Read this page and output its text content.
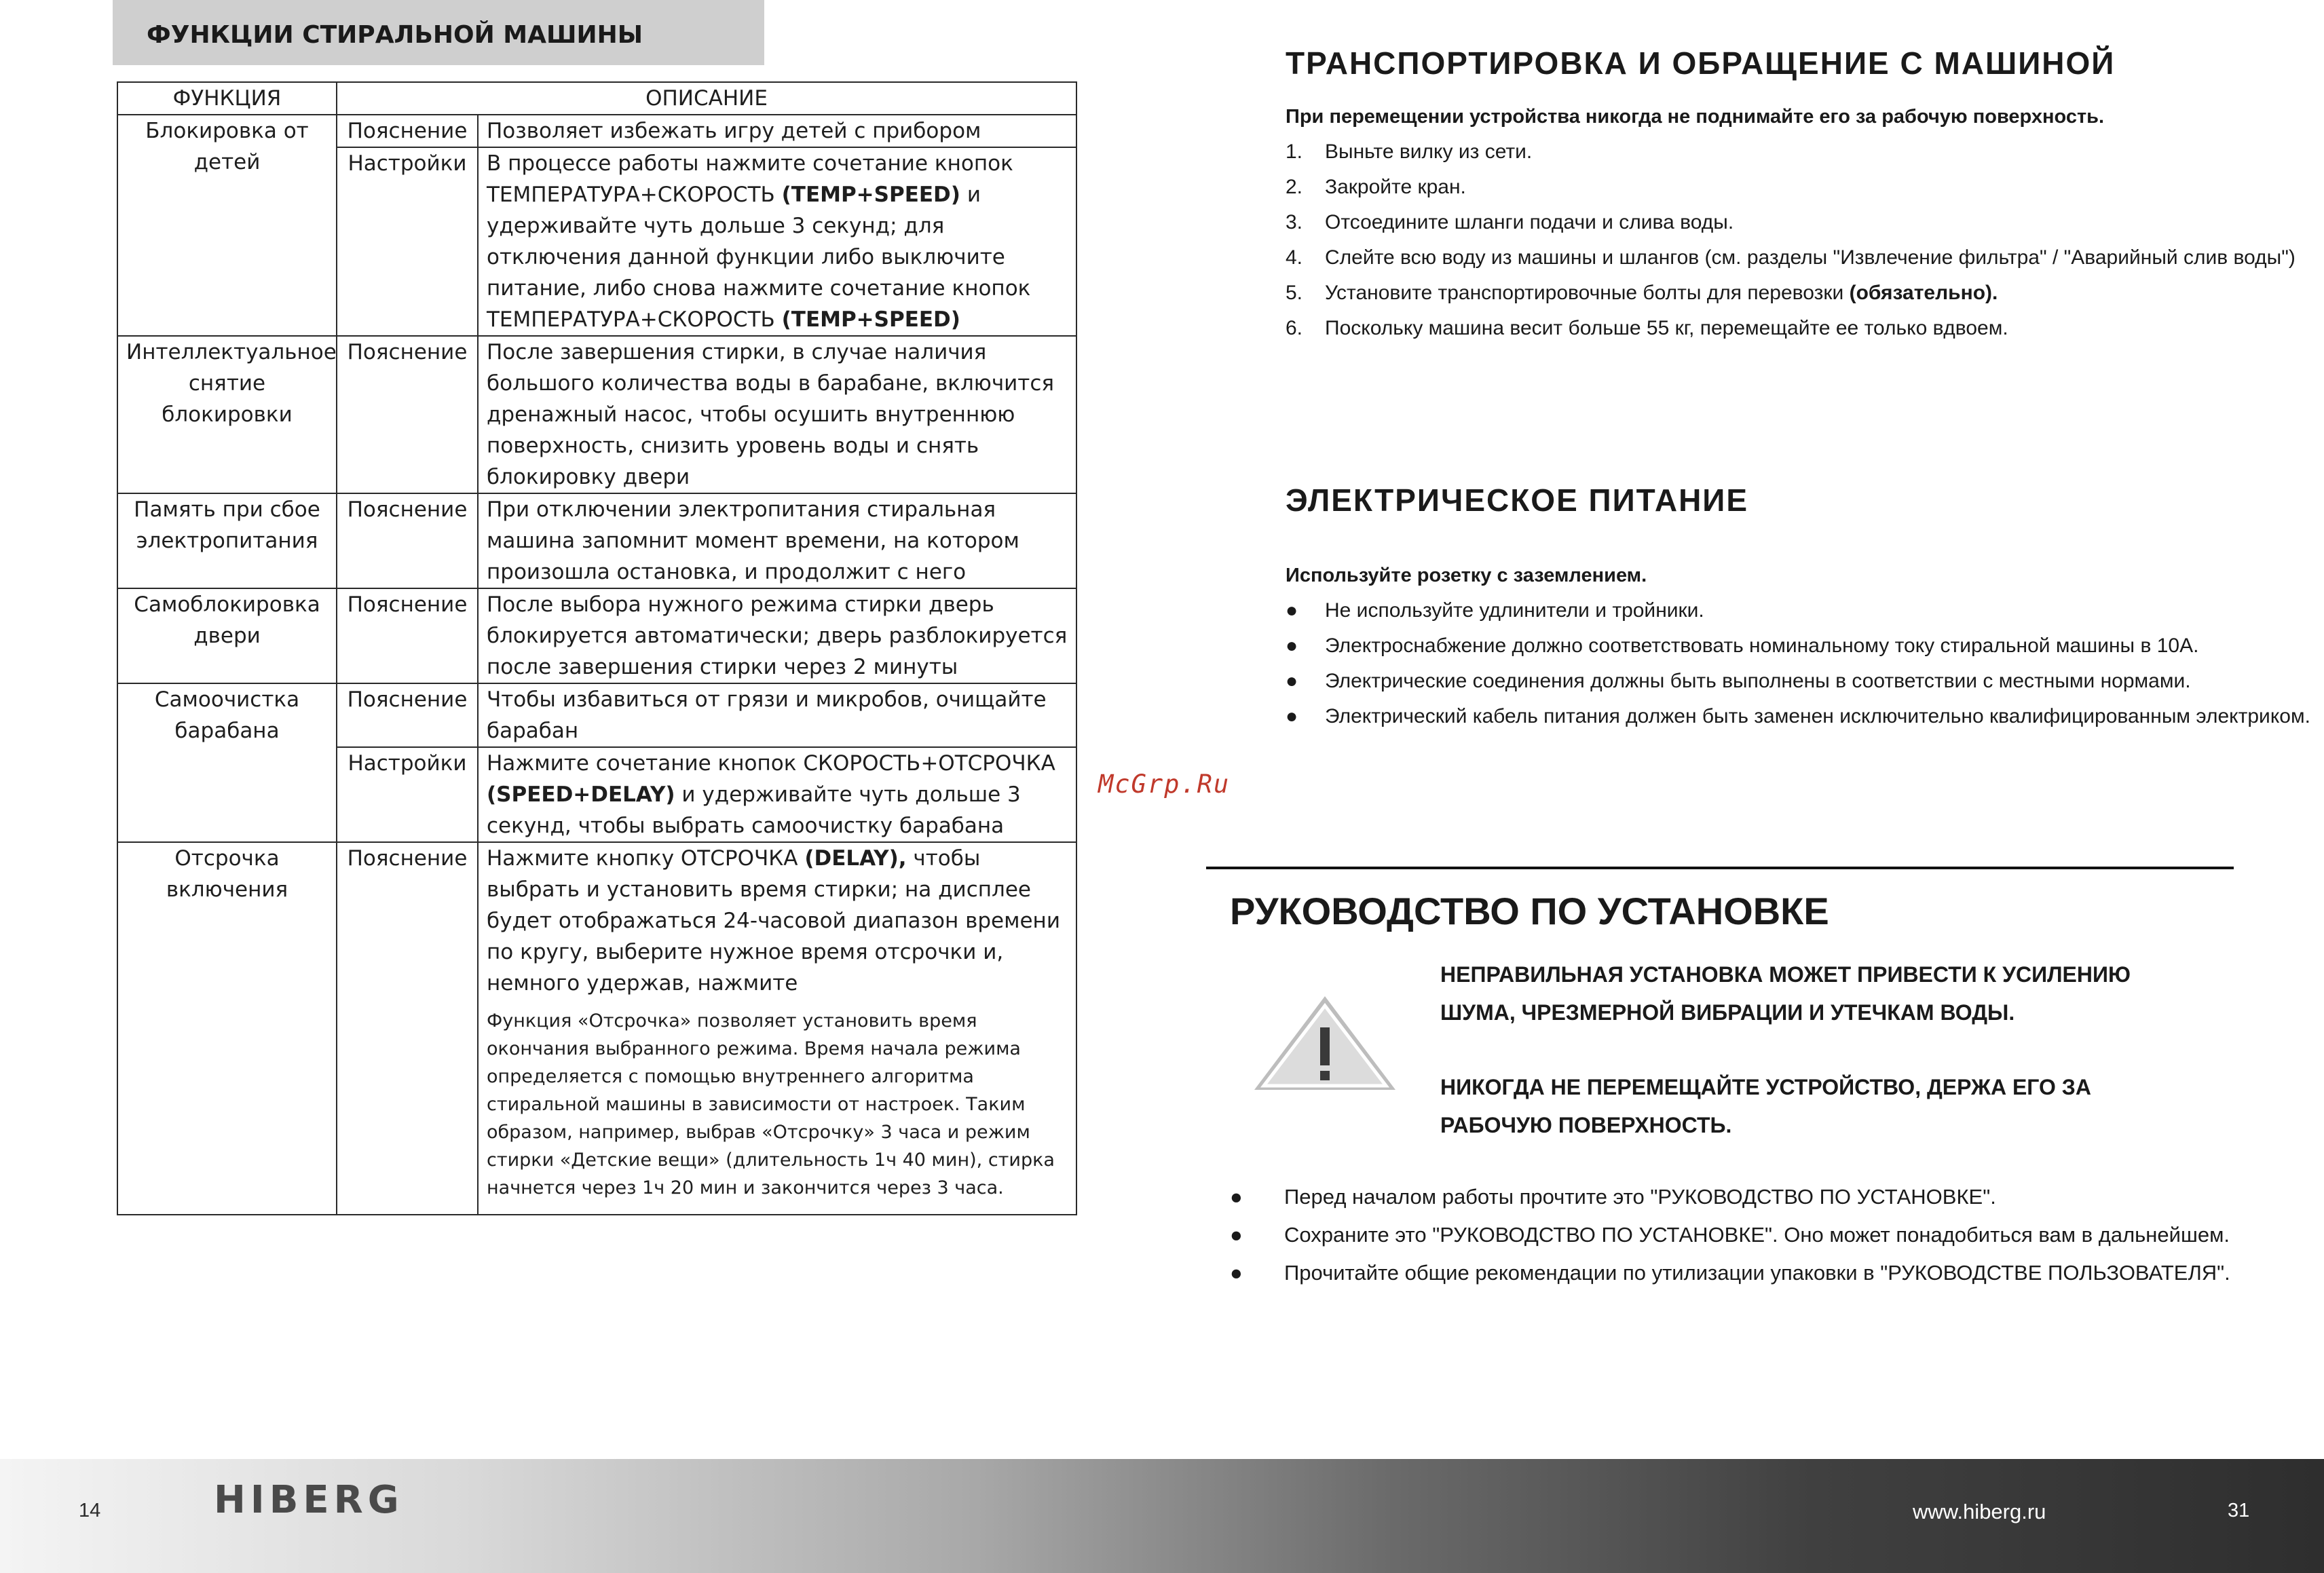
ФУНКЦИИ СТИРАЛЬНОЙ МАШИНЫ
ФУНКЦИЯ	ОПИСАНИЕ	
Блокировка от детей	Пояснение	Позволяет избежать игру детей с прибором
	Настройки	В процессе работы нажмите сочетание кнопок ТЕМПЕРАТУРА+СКОРОСТЬ (TEMP+SPEED) и удерживайте чуть дольше 3 секунд; для отключения данной функции либо выключите питание, либо снова нажмите сочетание кнопок ТЕМПЕРАТУРА+СКОРОСТЬ (TEMP+SPEED)
Интеллектуальное снятие блокировки	Пояснение	После завершения стирки, в случае наличия большого количества воды в барабане, включится дренажный насос, чтобы осушить внутреннюю поверхность, снизить уровень воды и снять блокировку двери
Память при сбое электропитания	Пояснение	При отключении электропитания стиральная машина запомнит момент времени, на котором произошла остановка, и продолжит с него
Самоблокировка двери	Пояснение	После выбора нужного режима стирки дверь блокируется автоматически; дверь разблокируется после завершения стирки через 2 минуты
Самоочистка барабана	Пояснение	Чтобы избавиться от грязи и микробов, очищайте барабан
	Настройки	Нажмите сочетание кнопок СКОРОСТЬ+ОТСРОЧКА (SPEED+DELAY) и удерживайте чуть дольше 3 секунд, чтобы выбрать самоочистку барабана
Отсрочка включения	Пояснение	Нажмите кнопку ОТСРОЧКА (DELAY), чтобы выбрать и установить время стирки; на дисплее будет отображаться 24-часовой диапазон времени по кругу, выберите нужное время отсрочки и, немного удержав, нажмите
Функция «Отсрочка» позволяет установить время окончания выбранного режима. Время начала режима определяется с помощью внутреннего алгоритма стиральной машины в зависимости от настроек. Таким образом, например, выбрав «Отсрочку» 3 часа и режим стирки «Детские вещи» (длительность 1ч 40 мин), стирка начнется через 1ч 20 мин и закончится через 3 часа.
McGrp.Ru
ТРАНСПОРТИРОВКА И ОБРАЩЕНИЕ С МАШИНОЙ
При перемещении устройства никогда не поднимайте его за рабочую поверхность.
1. Выньте вилку из сети.
2. Закройте кран.
3. Отсоедините шланги подачи и слива воды.
4. Слейте всю воду из машины и шлангов (см. разделы "Извлечение фильтра" / "Аварийный слив воды")
5. Установите транспортировочные болты для перевозки (обязательно).
6. Поскольку машина весит больше 55 кг, перемещайте ее только вдвоем.
ЭЛЕКТРИЧЕСКОЕ ПИТАНИЕ
Используйте розетку с заземлением.
● Не используйте удлинители и тройники.
● Электроснабжение должно соответствовать номинальному току стиральной машины в 10А.
● Электрические соединения должны быть выполнены в соответствии с местными нормами.
● Электрический кабель питания должен быть заменен исключительно квалифицированным электриком.
РУКОВОДСТВО ПО УСТАНОВКЕ
НЕПРАВИЛЬНАЯ УСТАНОВКА МОЖЕТ ПРИВЕСТИ К УСИЛЕНИЮ
ШУМА, ЧРЕЗМЕРНОЙ ВИБРАЦИИ И УТЕЧКАМ ВОДЫ.
НИКОГДА НЕ ПЕРЕМЕЩАЙТЕ УСТРОЙСТВО, ДЕРЖА ЕГО ЗА
РАБОЧУЮ ПОВЕРХНОСТЬ.
● Перед началом работы прочтите это "РУКОВОДСТВО ПО УСТАНОВКЕ".
● Сохраните это "РУКОВОДСТВО ПО УСТАНОВКЕ". Оно может понадобиться вам в дальнейшем.
● Прочитайте общие рекомендации по утилизации упаковки в "РУКОВОДСТВЕ ПОЛЬЗОВАТЕЛЯ".
14	HIBERG	www.hiberg.ru	31
